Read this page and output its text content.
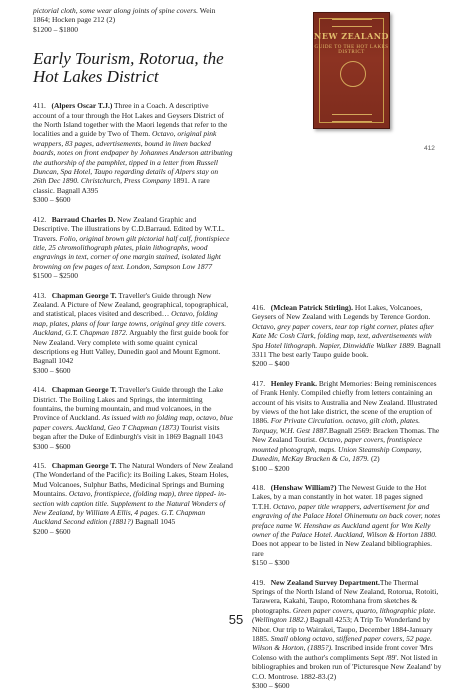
pictorial cloth, some wear along joints of spine covers. Wein 1864; Hocken page 212 (2)
$1200 – $1800

Early Tourism, Rotorua, the Hot Lakes District

411. (Alpers Oscar T.J.) Three in a Coach. A descriptive account of a tour through the Hot Lakes and Geysers District of the North Island together with the Maori legends that refer to the localities and a guide by Two of Them. Octavo, original pink wrappers, 83 pages, advertisements, bound in linen backed boards, notes on front endpaper by Johannes Anderson attributing the authorship of the pamphlet, tipped in a letter from Russell Duncan, Spa Hotel, Taupo regarding details of Alpers stay on 26th Dec 1890. Christchurch, Press Company 1891. A rare classic. Bagnall A395
$300 – $600

412. Barraud Charles D. New Zealand Graphic and Descriptive. The illustrations by C.D.Barraud. Edited by W.T.L. Travers. Folio, original brown gilt pictorial half calf, frontispiece title, 25 chromolithograph plates, plain lithographs, wood engravings in text, corner of one margin stained, isolated light browning on few pages of text. London, Sampson Low 1877
$1500 – $2500

413. Chapman George T. Traveller's Guide through New Zealand. A Picture of New Zealand, geographical, topographical, and statistical, places visited and described… Octavo, folding map, plates, plans of four large towns, original grey title covers. Auckland, G.T. Chapman 1872. Arguably the first guide book for New Zealand. Very complete with some quaint cynical descriptions eg Hutt Valley, Dunedin gaol and Mount Egmont. Bagnall 1042
$300 – $600

414. Chapman George T. Traveller's Guide through the Lake District. The Boiling Lakes and Springs, the intermitting fountains, the burning mountain, and mud volcanoes, in the Province of Auckland. As issued with no folding map, octavo, blue paper covers. Auckland, Geo T Chapman (1873) Tourist visits began after the Duke of Edinburgh's visit in 1869 Bagnall 1043
$300 – $600

415. Chapman George T. The Natural Wonders of New Zealand (The Wonderland of the Pacific): its Boiling Lakes, Steam Holes, Mud Volcanoes, Sulphur Baths, Medicinal Springs and Burning Mountains. Octavo, frontispiece, (folding map), three tipped- in-section with caption title. Supplement to the Natural Wonders of New Zealand, by William A Ellis, 4 pages. G.T. Chapman Auckland Second edition (1881?) Bagnall 1045
$200 – $600

NEW ZEALAND
GUIDE TO THE HOT LAKES DISTRICT
412

416. (Mclean Patrick Stirling). Hot Lakes, Volcanoes, Geysers of New Zealand with Legends by Terence Gordon. Octavo, grey paper covers, tear top right corner, plates after Kate Mc Cosh Clark, folding map, text, advertisements with Spa Hotel lithograph. Napier, Dinwiddie Walker 1889. Bagnall 3311 The best early Taupo guide book.
$200 – $400

417. Henley Frank. Bright Memories: Being reminiscences of Frank Henly. Compiled chiefly from letters containing an account of his visits to Australia and New Zealand. Illustrated by views of the hot lake district, the scene of the eruption of 1886. For Private Circulation. octavo, gilt cloth, plates. Torquay, W.H. Gest 1887.Bagnall 2569: Bracken Thomas. The New Zealand Tourist. Octavo, paper covers, frontispiece mounted photograph, maps. Union Steamship Company, Dunedin, McKay Bracken & Co, 1879. (2)
$100 – $200

418. (Henshaw William?) The Newest Guide to the Hot Lakes, by a man constantly in hot water. 18 pages signed T.T.H. Octavo, paper title wrappers, advertisement for and engraving of the Palace Hotel Ohinemutu on back cover, notes preface name W. Henshaw as Auckland agent for Wm Kelly owner of the Palace Hotel. Auckland, Wilson & Horton 1880. Does not appear to be listed in New Zealand bibliographies. rare
$150 – $300

419. New Zealand Survey Department.The Thermal Springs of the North Island of New Zealand, Rotorua, Rotoiti, Tarawera, Kakahi, Taupo, Rotomhana from sketches & photographs. Green paper covers, quarto, lithographic plate. (Wellington 1882.) Bagnall 4253; A Trip To Wonderland by Nibor. Our trip to Wairakei, Taupo, December 1884-January 1885. Small oblong octavo, stiffened paper covers, 52 page. Wilson & Horton, (1885?). Inscribed inside front cover 'Mrs Colenso with the author's compliments Sept /89'. Not listed in bibliographies and broken run of 'Picturesque New Zealand' by C.O. Montrose. 1882-83.(2)
$300 – $600

55
